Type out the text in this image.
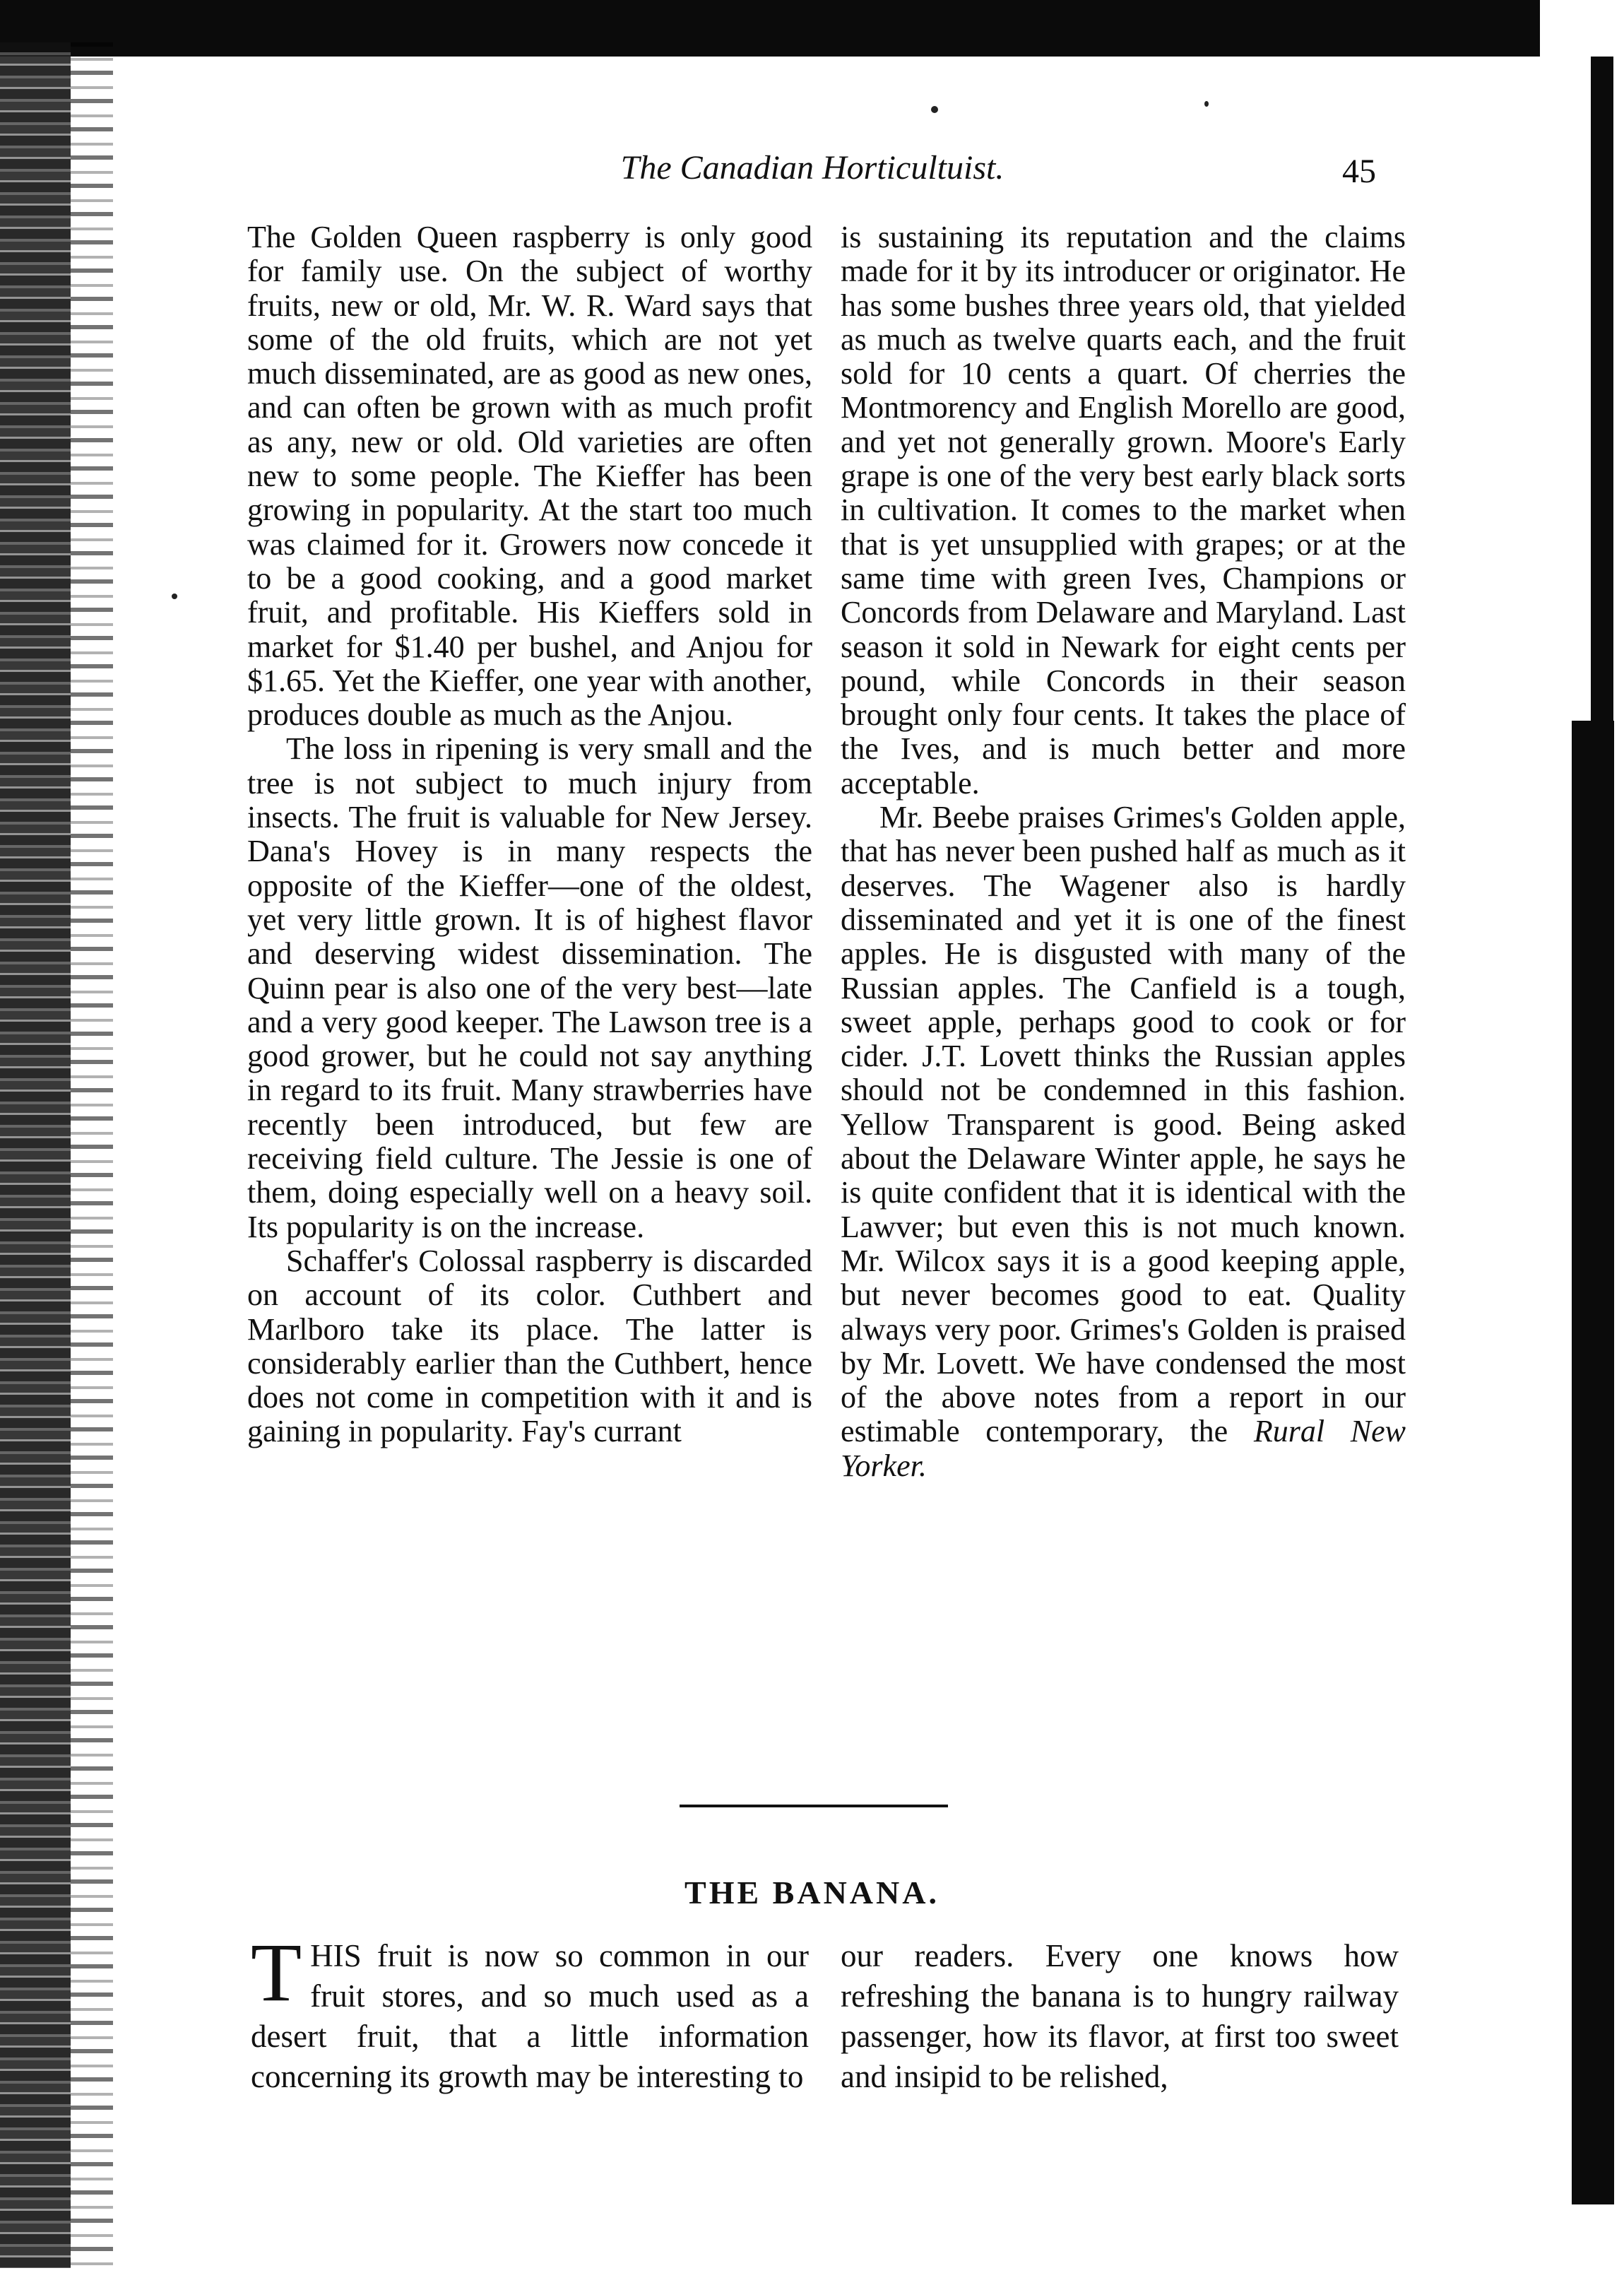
The Canadian Horticultuist.	45

The Golden Queen raspberry is only good for family use. On the subject of worthy fruits, new or old, Mr. W. R. Ward says that some of the old fruits, which are not yet much disseminated, are as good as new ones, and can often be grown with as much profit as any, new or old. Old varieties are often new to some people. The Kieffer has been growing in popularity. At the start too much was claimed for it. Growers now concede it to be a good cooking, and a good market fruit, and profitable. His Kieffers sold in market for $1.40 per bushel, and Anjou for $1.65. Yet the Kieffer, one year with another, produces double as much as the Anjou.

The loss in ripening is very small and the tree is not subject to much injury from insects. The fruit is valuable for New Jersey. Dana's Hovey is in many respects the opposite of the Kieffer—one of the oldest, yet very little grown. It is of highest flavor and deserving widest dissemination. The Quinn pear is also one of the very best—late and a very good keeper. The Lawson tree is a good grower, but he could not say anything in regard to its fruit. Many strawberries have recently been introduced, but few are receiving field culture. The Jessie is one of them, doing especially well on a heavy soil. Its popularity is on the increase.

Schaffer's Colossal raspberry is discarded on account of its color. Cuthbert and Marlboro take its place. The latter is considerably earlier than the Cuthbert, hence does not come in competition with it and is gaining in popularity. Fay's currant

is sustaining its reputation and the claims made for it by its introducer or originator. He has some bushes three years old, that yielded as much as twelve quarts each, and the fruit sold for 10 cents a quart. Of cherries the Montmorency and English Morello are good, and yet not generally grown. Moore's Early grape is one of the very best early black sorts in cultivation. It comes to the market when that is yet unsupplied with grapes; or at the same time with green Ives, Champions or Concords from Delaware and Maryland. Last season it sold in Newark for eight cents per pound, while Concords in their season brought only four cents. It takes the place of the Ives, and is much better and more acceptable.

Mr. Beebe praises Grimes's Golden apple, that has never been pushed half as much as it deserves. The Wagener also is hardly disseminated and yet it is one of the finest apples. He is disgusted with many of the Russian apples. The Canfield is a tough, sweet apple, perhaps good to cook or for cider. J.T. Lovett thinks the Russian apples should not be condemned in this fashion. Yellow Transparent is good. Being asked about the Delaware Winter apple, he says he is quite confident that it is identical with the Lawver; but even this is not much known. Mr. Wilcox says it is a good keeping apple, but never becomes good to eat. Quality always very poor. Grimes's Golden is praised by Mr. Lovett. We have condensed the most of the above notes from a report in our estimable contemporary, the Rural New Yorker.

THE BANANA.

THIS fruit is now so common in our fruit stores, and so much used as a desert fruit, that a little information concerning its growth may be interesting to

our readers. Every one knows how refreshing the banana is to hungry railway passenger, how its flavor, at first too sweet and insipid to be relished,
